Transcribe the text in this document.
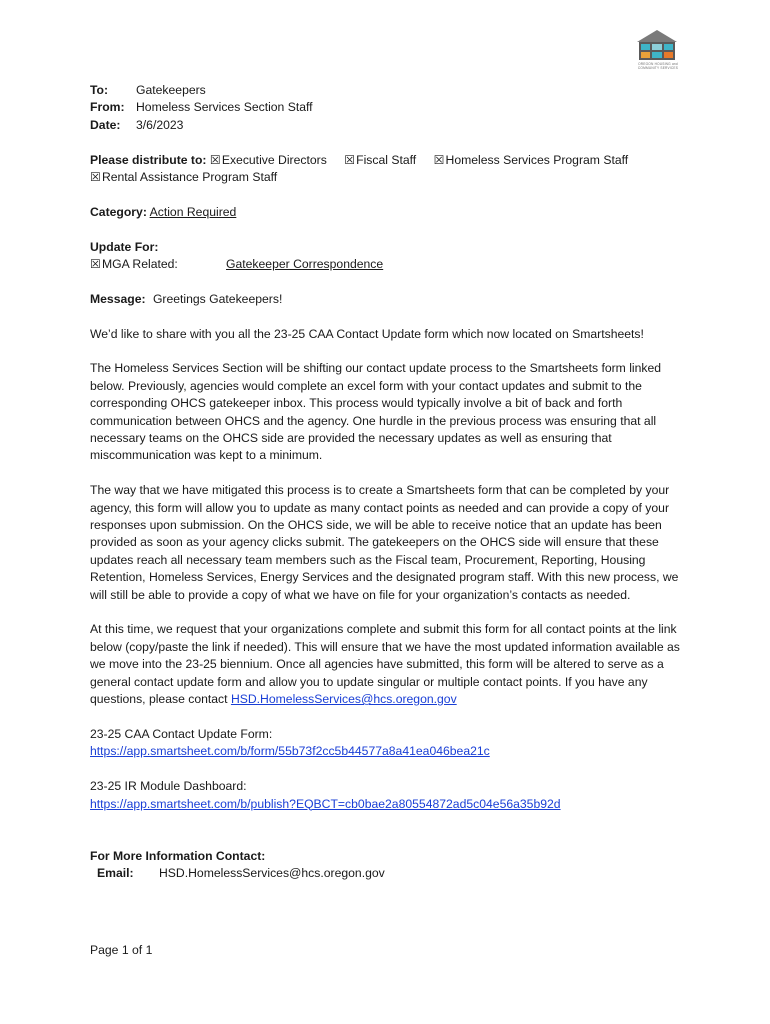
OREGON HOUSING and COMMUNITY SERVICES
To:	Gatekeepers
From: Homeless Services Section Staff
Date:	3/6/2023
Please distribute to: ☒Executive Directors ☒Fiscal Staff ☒Homeless Services Program Staff
☒Rental Assistance Program Staff
Category: Action Required
Update For:
☒MGA Related:	Gatekeeper Correspondence
Message: Greetings Gatekeepers!

We’d like to share with you all the 23-25 CAA Contact Update form which now located on Smartsheets!

The Homeless Services Section will be shifting our contact update process to the Smartsheets form linked below. Previously, agencies would complete an excel form with your contact updates and submit to the corresponding OHCS gatekeeper inbox. This process would typically involve a bit of back and forth communication between OHCS and the agency. One hurdle in the previous process was ensuring that all necessary teams on the OHCS side are provided the necessary updates as well as ensuring that miscommunication was kept to a minimum.

The way that we have mitigated this process is to create a Smartsheets form that can be completed by your agency, this form will allow you to update as many contact points as needed and can provide a copy of your responses upon submission. On the OHCS side, we will be able to receive notice that an update has been provided as soon as your agency clicks submit. The gatekeepers on the OHCS side will ensure that these updates reach all necessary team members such as the Fiscal team, Procurement, Reporting, Housing Retention, Homeless Services, Energy Services and the designated program staff. With this new process, we will still be able to provide a copy of what we have on file for your organization’s contacts as needed.

At this time, we request that your organizations complete and submit this form for all contact points at the link below (copy/paste the link if needed). This will ensure that we have the most updated information available as we move into the 23-25 biennium. Once all agencies have submitted, this form will be altered to serve as a general contact update form and allow you to update singular or multiple contact points. If you have any questions, please contact HSD.HomelessServices@hcs.oregon.gov

23-25 CAA Contact Update Form:
https://app.smartsheet.com/b/form/55b73f2cc5b44577a8a41ea046bea21c
23-25 IR Module Dashboard:
https://app.smartsheet.com/b/publish?EQBCT=cb0bae2a80554872ad5c04e56a35b92d
For More Information Contact:
Email:	HSD.HomelessServices@hcs.oregon.gov
Page 1 of 1
